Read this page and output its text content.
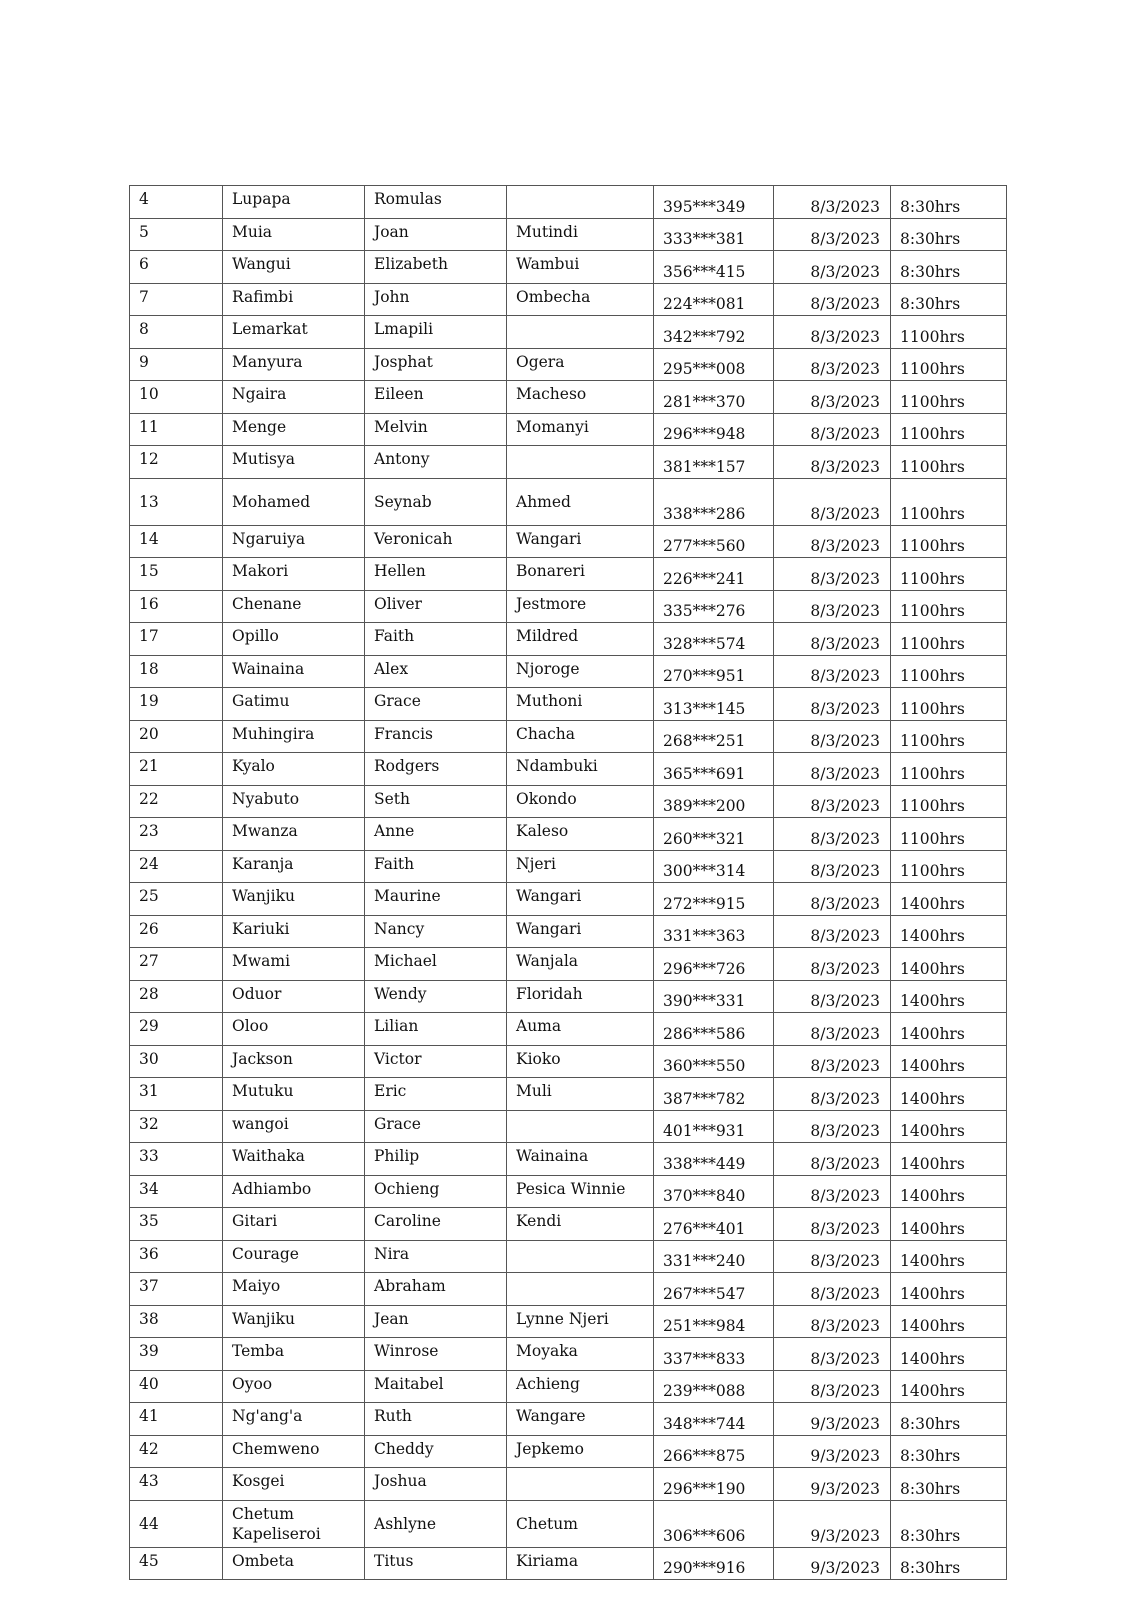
4	Lupapa	Romulas		395***349	8/3/2023	8:30hrs
5	Muia	Joan	Mutindi	333***381	8/3/2023	8:30hrs
6	Wangui	Elizabeth	Wambui	356***415	8/3/2023	8:30hrs
7	Rafimbi	John	Ombecha	224***081	8/3/2023	8:30hrs
8	Lemarkat	Lmapili		342***792	8/3/2023	1100hrs
9	Manyura	Josphat	Ogera	295***008	8/3/2023	1100hrs
10	Ngaira	Eileen	Macheso	281***370	8/3/2023	1100hrs
11	Menge	Melvin	Momanyi	296***948	8/3/2023	1100hrs
12	Mutisya	Antony		381***157	8/3/2023	1100hrs
13	Mohamed	Seynab	Ahmed	338***286	8/3/2023	1100hrs
14	Ngaruiya	Veronicah	Wangari	277***560	8/3/2023	1100hrs
15	Makori	Hellen	Bonareri	226***241	8/3/2023	1100hrs
16	Chenane	Oliver	Jestmore	335***276	8/3/2023	1100hrs
17	Opillo	Faith	Mildred	328***574	8/3/2023	1100hrs
18	Wainaina	Alex	Njoroge	270***951	8/3/2023	1100hrs
19	Gatimu	Grace	Muthoni	313***145	8/3/2023	1100hrs
20	Muhingira	Francis	Chacha	268***251	8/3/2023	1100hrs
21	Kyalo	Rodgers	Ndambuki	365***691	8/3/2023	1100hrs
22	Nyabuto	Seth	Okondo	389***200	8/3/2023	1100hrs
23	Mwanza	Anne	Kaleso	260***321	8/3/2023	1100hrs
24	Karanja	Faith	Njeri	300***314	8/3/2023	1100hrs
25	Wanjiku	Maurine	Wangari	272***915	8/3/2023	1400hrs
26	Kariuki	Nancy	Wangari	331***363	8/3/2023	1400hrs
27	Mwami	Michael	Wanjala	296***726	8/3/2023	1400hrs
28	Oduor	Wendy	Floridah	390***331	8/3/2023	1400hrs
29	Oloo	Lilian	Auma	286***586	8/3/2023	1400hrs
30	Jackson	Victor	Kioko	360***550	8/3/2023	1400hrs
31	Mutuku	Eric	Muli	387***782	8/3/2023	1400hrs
32	wangoi	Grace		401***931	8/3/2023	1400hrs
33	Waithaka	Philip	Wainaina	338***449	8/3/2023	1400hrs
34	Adhiambo	Ochieng	Pesica Winnie	370***840	8/3/2023	1400hrs
35	Gitari	Caroline	Kendi	276***401	8/3/2023	1400hrs
36	Courage	Nira		331***240	8/3/2023	1400hrs
37	Maiyo	Abraham		267***547	8/3/2023	1400hrs
38	Wanjiku	Jean	Lynne Njeri	251***984	8/3/2023	1400hrs
39	Temba	Winrose	Moyaka	337***833	8/3/2023	1400hrs
40	Oyoo	Maitabel	Achieng	239***088	8/3/2023	1400hrs
41	Ng'ang'a	Ruth	Wangare	348***744	9/3/2023	8:30hrs
42	Chemweno	Cheddy	Jepkemo	266***875	9/3/2023	8:30hrs
43	Kosgei	Joshua		296***190	9/3/2023	8:30hrs
44	Chetum Kapeliseroi	Ashlyne	Chetum	306***606	9/3/2023	8:30hrs
45	Ombeta	Titus	Kiriama	290***916	9/3/2023	8:30hrs
